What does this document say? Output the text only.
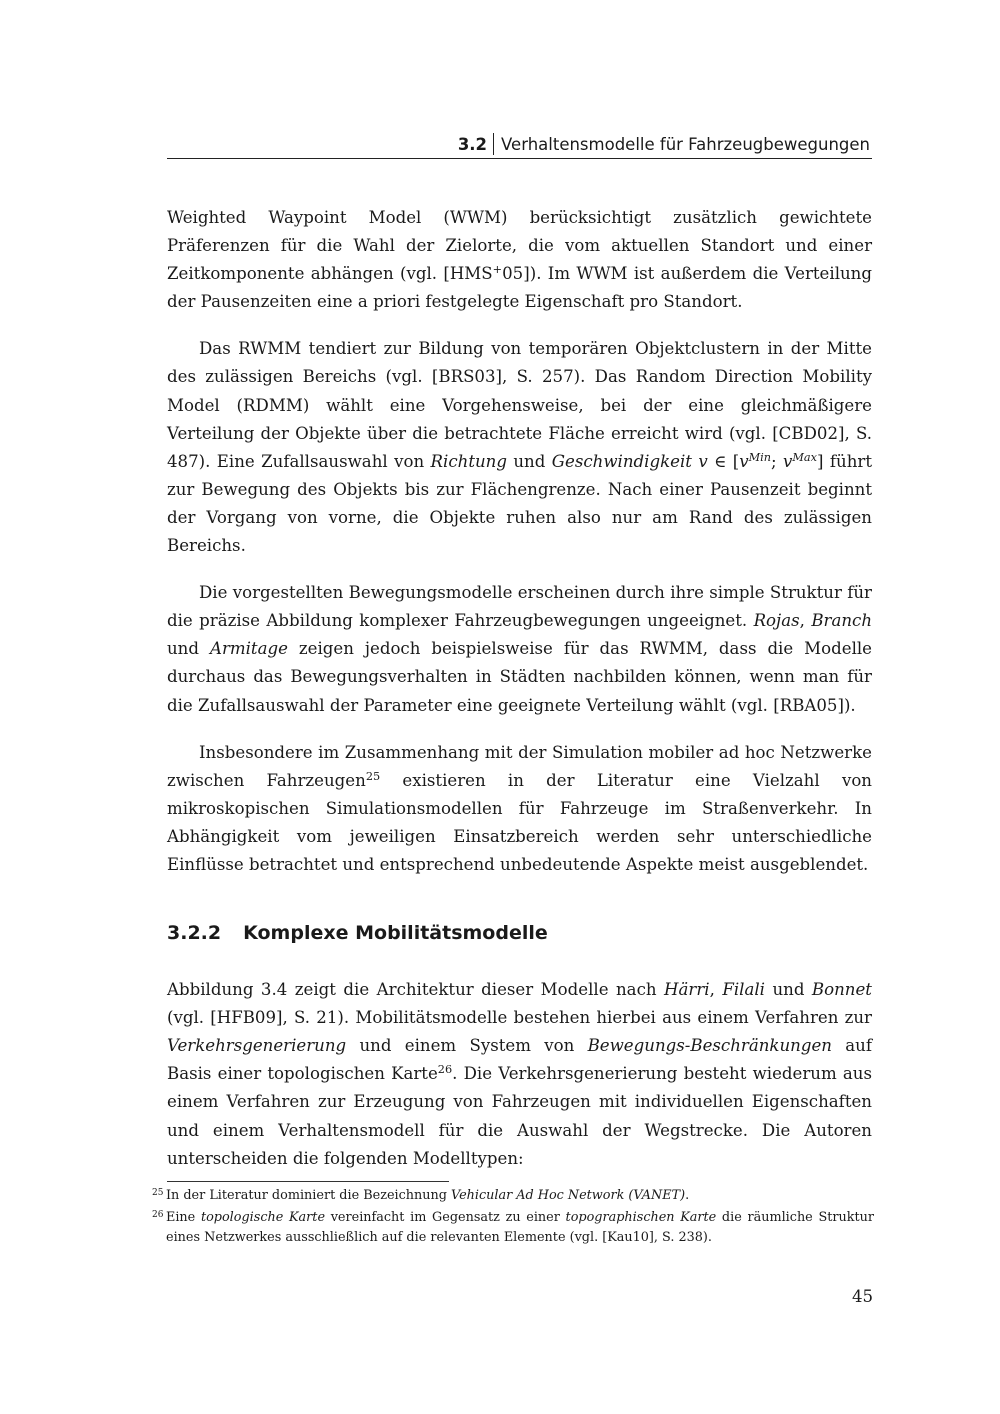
3.2 Verhaltensmodelle für Fahrzeugbewegungen

Weighted Waypoint Model (WWM) berücksichtigt zusätzlich gewichtete Präferenzen für die Wahl der Zielorte, die vom aktuellen Standort und einer Zeitkomponente abhängen (vgl. [HMS+05]). Im WWM ist außerdem die Verteilung der Pausenzeiten eine a priori festgelegte Eigenschaft pro Standort.

Das RWMM tendiert zur Bildung von temporären Objektclustern in der Mitte des zulässigen Bereichs (vgl. [BRS03], S. 257). Das Random Direction Mobility Model (RDMM) wählt eine Vorgehensweise, bei der eine gleichmäßigere Verteilung der Objekte über die betrachtete Fläche erreicht wird (vgl. [CBD02], S. 487). Eine Zufallsauswahl von Richtung und Geschwindigkeit v ∈ [$v^{Min}$; $v^{Max}$] führt zur Bewegung des Objekts bis zur Flächengrenze. Nach einer Pausenzeit beginnt der Vorgang von vorne, die Objekte ruhen also nur am Rand des zulässigen Bereichs.

Die vorgestellten Bewegungsmodelle erscheinen durch ihre simple Struktur für die präzise Abbildung komplexer Fahrzeugbewegungen ungeeignet. Rojas, Branch und Armitage zeigen jedoch beispielsweise für das RWMM, dass die Modelle durchaus das Bewegungsverhalten in Städten nachbilden können, wenn man für die Zufallsauswahl der Parameter eine geeignete Verteilung wählt (vgl. [RBA05]).

Insbesondere im Zusammenhang mit der Simulation mobiler ad hoc Netzwerke zwischen Fahrzeugen$^{25}$ existieren in der Literatur eine Vielzahl von mikroskopischen Simulationsmodellen für Fahrzeuge im Straßenverkehr. In Abhängigkeit vom jeweiligen Einsatzbereich werden sehr unterschiedliche Einflüsse betrachtet und entsprechend unbedeutende Aspekte meist ausgeblendet.

3.2.2 Komplexe Mobilitätsmodelle

Abbildung 3.4 zeigt die Architektur dieser Modelle nach Härri, Filali und Bonnet (vgl. [HFB09], S. 21). Mobilitätsmodelle bestehen hierbei aus einem Verfahren zur Verkehrsgenerierung und einem System von Bewegungs-Beschränkungen auf Basis einer topologischen Karte$^{26}$. Die Verkehrsgenerierung besteht wiederum aus einem Verfahren zur Erzeugung von Fahrzeugen mit individuellen Eigenschaften und einem Verhaltensmodell für die Auswahl der Wegstrecke. Die Autoren unterscheiden die folgenden Modelltypen:

25 In der Literatur dominiert die Bezeichnung Vehicular Ad Hoc Network (VANET).
26 Eine topologische Karte vereinfacht im Gegensatz zu einer topographischen Karte die räumliche Struktur eines Netzwerkes ausschließlich auf die relevanten Elemente (vgl. [Kau10], S. 238).
45
